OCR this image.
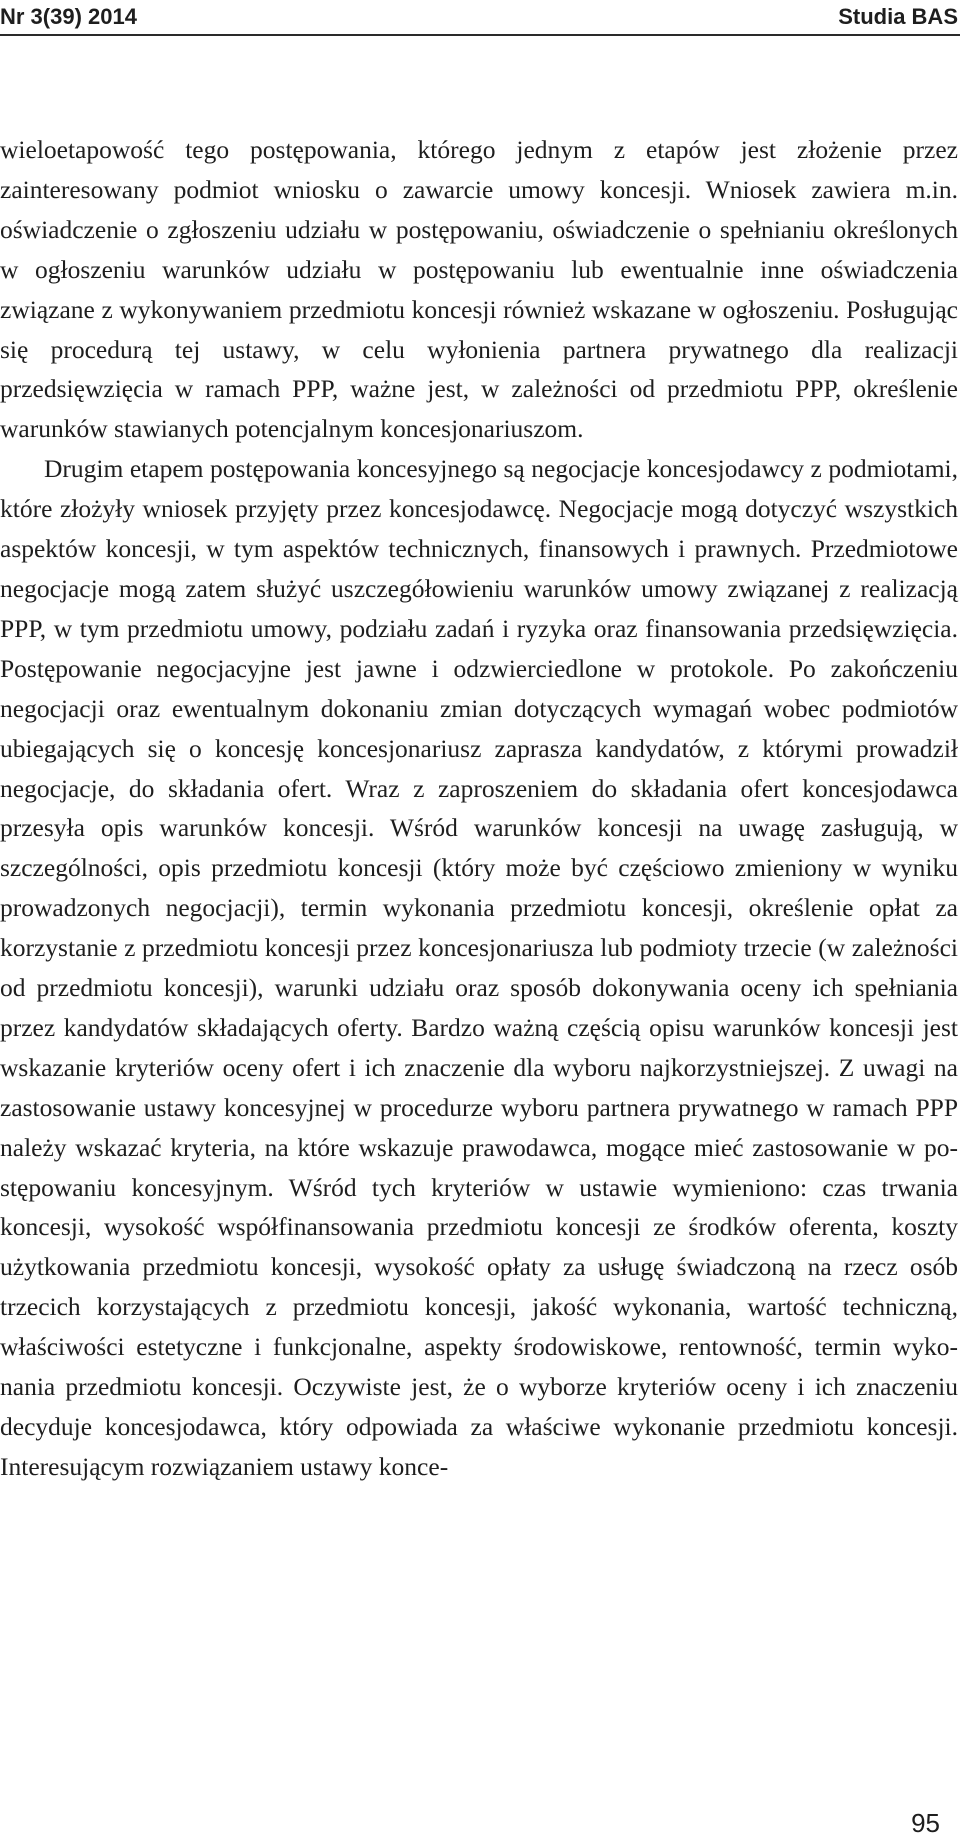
Nr 3(39) 2014	Studia BAS

wieloetapowość tego postępowania, którego jednym z etapów jest złożenie przez zainteresowany podmiot wniosku o zawarcie umowy koncesji. Wniosek zawiera m.in. oświadczenie o zgłoszeniu udziału w postępowaniu, oświadczenie o spełnianiu określonych w ogłoszeniu warunków udziału w postępowaniu lub ewentualnie inne oświadczenia związane z wykonywaniem przedmiotu koncesji również wskazane w ogłoszeniu. Posługując się procedurą tej ustawy, w celu wyłonienia partnera prywatnego dla realizacji przedsięwzięcia w ramach PPP, ważne jest, w zależności od przedmiotu PPP, określenie warunków stawianych potencjalnym koncesjonariuszom.

Drugim etapem postępowania koncesyjnego są negocjacje koncesjodawcy z podmiotami, które złożyły wniosek przyjęty przez koncesjodawcę. Negocjacje mogą dotyczyć wszystkich aspektów koncesji, w tym aspektów technicznych, finansowych i prawnych. Przedmiotowe negocjacje mogą zatem służyć uszczegółowieniu warunków umowy związanej z realizacją PPP, w tym przedmiotu umowy, podziału zadań i ryzyka oraz finansowania przedsięwzięcia. Postępowanie negocjacyjne jest jawne i odzwierciedlone w protokole. Po zakończeniu negocjacji oraz ewentualnym dokonaniu zmian dotyczących wymagań wobec podmiotów ubiegających się o koncesję koncesjonariusz zaprasza kandydatów, z którymi prowadził negocjacje, do składania ofert. Wraz z zaproszeniem do składania ofert koncesjodawca przesyła opis warunków koncesji. Wśród warunków koncesji na uwagę zasługują, w szczególności, opis przedmiotu koncesji (który może być częściowo zmieniony w wyniku prowadzonych negocjacji), termin wykonania przedmiotu koncesji, określenie opłat za korzystanie z przedmiotu koncesji przez koncesjonariusza lub podmioty trzecie (w zależności od przedmiotu koncesji), warunki udziału oraz sposób dokonywania oceny ich spełniania przez kandydatów składających oferty. Bardzo ważną częścią opisu warunków koncesji jest wskazanie kryteriów oceny ofert i ich znaczenie dla wyboru najkorzystniejszej. Z uwagi na zastosowanie ustawy koncesyjnej w procedurze wyboru partnera prywatnego w ramach PPP należy wskazać kryteria, na które wskazuje prawodawca, mogące mieć zastosowanie w postępowaniu koncesyjnym. Wśród tych kryteriów w ustawie wymieniono: czas trwania koncesji, wysokość współfinansowania przedmiotu koncesji ze środków oferenta, koszty użytkowania przedmiotu koncesji, wysokość opłaty za usługę świadczoną na rzecz osób trzecich korzystających z przedmiotu koncesji, jakość wykonania, wartość techniczną, właściwości estetyczne i funkcjonalne, aspekty środowiskowe, rentowność, termin wykonania przedmiotu koncesji. Oczywiste jest, że o wyborze kryteriów oceny i ich znaczeniu decyduje koncesjodawca, który odpowiada za właściwe wykonanie przedmiotu koncesji. Interesującym rozwiązaniem ustawy konce-

95
